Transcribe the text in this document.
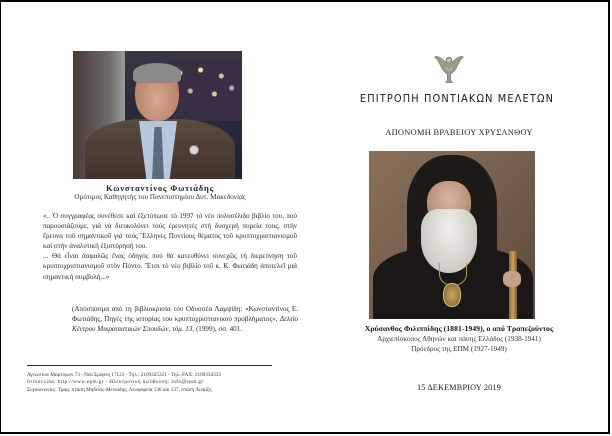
Κωνσταντίνος Φωτιάδης
Ομότιμος Καθηγητής του Πανεπιστημίου Δυτ. Μακεδονίας

«.. Ὁ συγγραφέας συνέθεσε καὶ ἐξετύπωσε τὸ 1997 τὸ νέο πολυσέλιδο βιβλίο του, πού παρουσιάζουμε, γιά νά διευκολύνει τούς ἐρευνητές στή δυσχερή πορεία τους, στήν ἔρευνα τοῦ σημαντικοῦ γιά τούς Ἕλληνες Ποντίους θέματος τοῦ κρυπτοχριστιανισμοῦ καὶ στήν ἀναλυτική ἐξιστόρησή του.

... Θά εἶναι ἀσφαλῶς ἕνας ὁδηγός πού θά κατευθύνει συνεχῶς τή διερεύνηση τοῦ κρυπτοχριστιανισμοῦ στὸν Πόντο. Ἔτσι τὸ νέο βιβλίο τοῦ κ. Κ. Φωτιάδη ἀποτελεῖ μιά σημαντική συμβολή...»

(Απόσπασμα από τη βιβλιοκρισία του Οδυσσέα Λαμψίδη: «Κωνσταντίνος Ε. Φωτιάδης, Πηγές της ιστορίας του κρυπτοχριστιανικού προβλήματος», Δελτίο Κέντρου Μικρασιατικών Σπουδών, τόμ. 13, (1999), σσ. 401.
Αγνώστων Μαρτύρων 73 - Νέα Σμύρνη 17123 - Τηλ.: 2109325321 - Τηλ.-FAX: 2109334333
Ιστοσελίδα: http://www.epm.gr - Ηλεκτρονική διεύθυνση: info@epm.gr
Συγκοινωνίες: Τραμ, στάση Μηδείας-Μεναίδης, Λεωφορεία 136 και 137, στάση Λιναίζη
ΕΠΙΤΡΟΠΗ ΠΟΝΤΙΑΚΩΝ ΜΕΛΕΤΩΝ
ΑΠΟΝΟΜΗ ΒΡΑΒΕΙΟΥ ΧΡΥΣΑΝΘΟΥ
Χρύσανθος Φιλιππίδης (1881-1949), ο από Τραπεζούντος
Αρχιεπίσκοπος Αθηνών και πάσης Ελλάδος (1938-1941)
Πρόεδρος της ΕΠΜ (1927-1949)
15 ΔΕΚΕΜΒΡΙΟΥ 2019
